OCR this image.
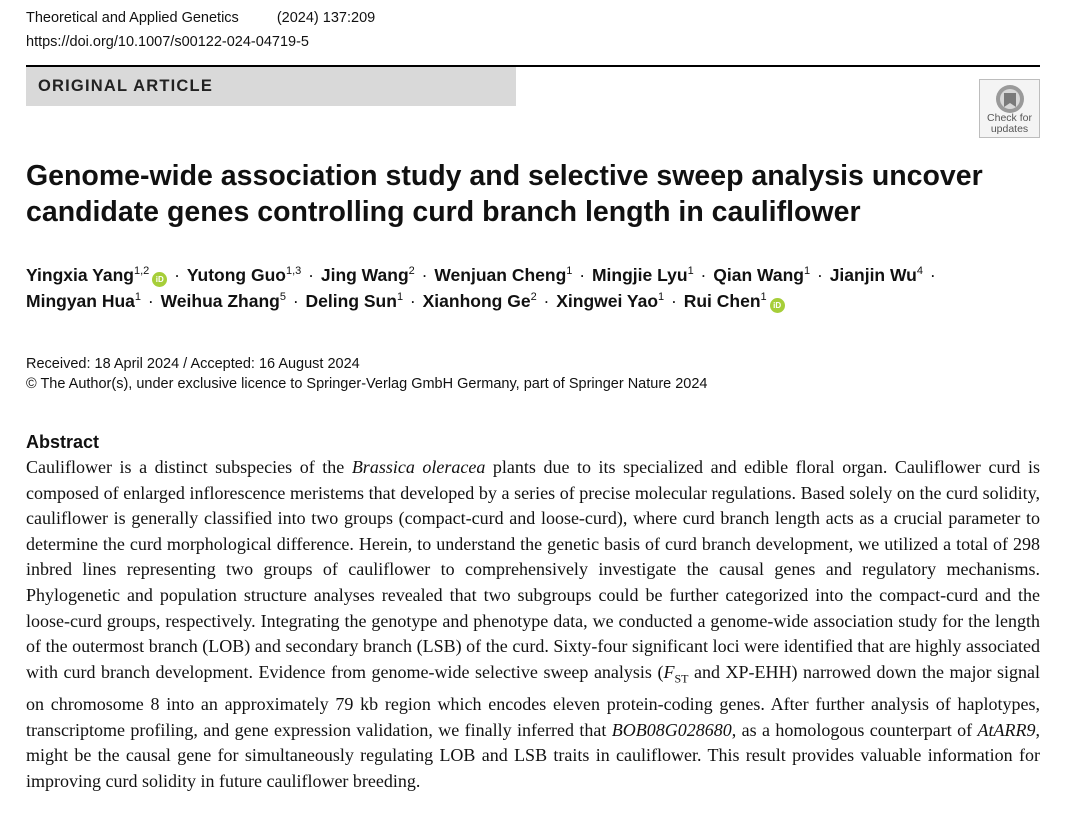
Theoretical and Applied Genetics	(2024) 137:209
https://doi.org/10.1007/s00122-024-04719-5
ORIGINAL ARTICLE
Check for
updates
Genome-wide association study and selective sweep analysis uncover candidate genes controlling curd branch length in cauliflower
Yingxia Yang$^{1,2}$iD · Yutong Guo$^{1,3}$ · Jing Wang$^2$ · Wenjuan Cheng$^1$ · Mingjie Lyu$^1$ · Qian Wang$^1$ · Jianjin $Wu^4$ ·
Mingyan Hua$^1$ · Weihua Zhang$^5$ · Deling Sun$^1$ · Xianhong $Ge^2$ · Xingwei Yao$^1$ · Rui Chen$^1$iD
Received: 18 April 2024 / Accepted: 16 August 2024
© The Author(s), under exclusive licence to Springer-Verlag GmbH Germany, part of Springer Nature 2024
Abstract
Cauliflower is a distinct subspecies of the Brassica oleracea plants due to its specialized and edible floral organ. Cauliflower curd is composed of enlarged inflorescence meristems that developed by a series of precise molecular regulations. Based solely on the curd solidity, cauliflower is generally classified into two groups (compact-curd and loose-curd), where curd branch length acts as a crucial parameter to determine the curd morphological difference. Herein, to understand the genetic basis of curd branch development, we utilized a total of 298 inbred lines representing two groups of cauliflower to comprehensively investigate the causal genes and regulatory mechanisms. Phylogenetic and population structure analyses revealed that two subgroups could be further categorized into the compact-curd and the loose-curd groups, respectively. Integrating the genotype and phenotype data, we conducted a genome-wide association study for the length of the outermost branch (LOB) and secondary branch (LSB) of the curd. Sixty-four significant loci were identified that are highly associated with curd branch development. Evidence from genome-wide selective sweep analysis ($F_{ST}$ and XP-EHH) narrowed down the major signal on chromosome 8 into an approximately 79 kb region which encodes eleven protein-coding genes. After further analysis of haplotypes, transcriptome profiling, and gene expression validation, we finally inferred that BOB08G028680, as a homologous counterpart of AtARR9, might be the causal gene for simultaneously regulating LOB and LSB traits in cauliflower. This result provides valuable information for improving curd solidity in future cauliflower breeding.
